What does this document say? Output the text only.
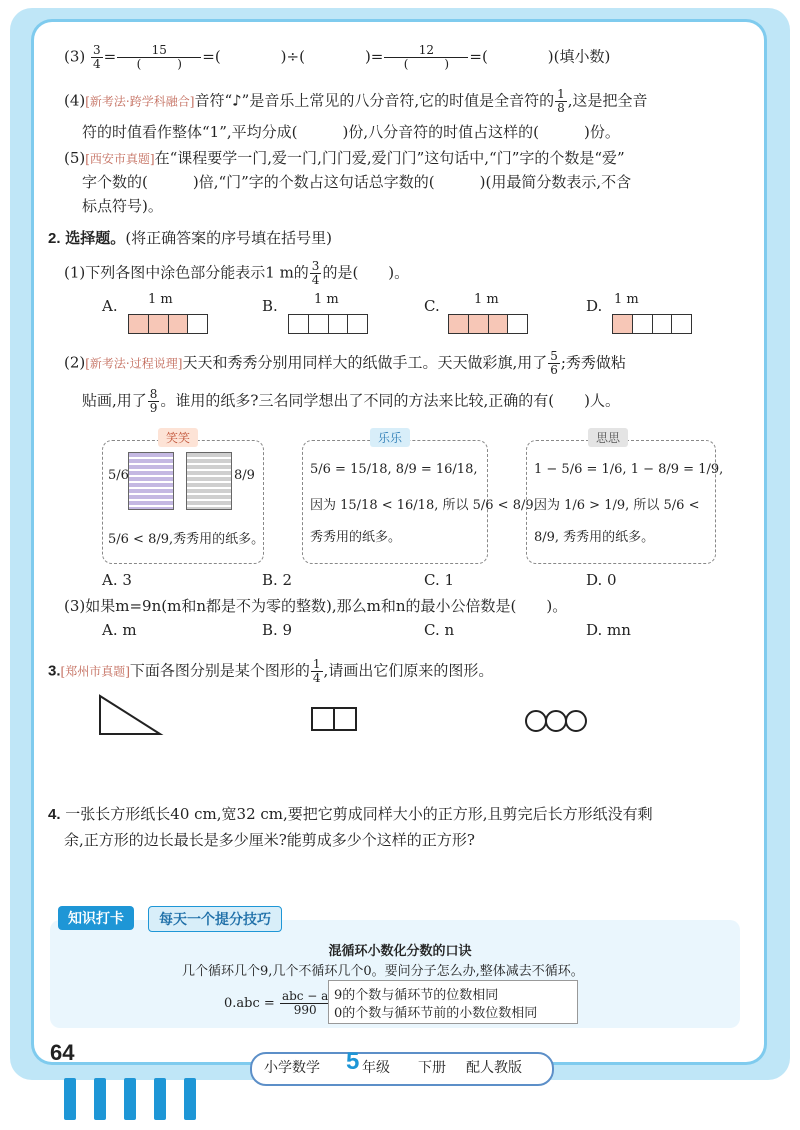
$(3) \frac{3}{4} = \frac{15}{( )}$ =(　　　　)÷(　　　　)= $\frac{12}{( )}$ =(　　　　)(填小数)
(4)[新考法·跨学科融合]音符“♪”是音乐上常见的八分音符,它的时值是全音符的 $\frac{1}{8}$ ,这是把全音
符的时值看作整体“1”,平均分成(　　　)份,八分音符的时值占这样的(　　　)份。
(5)[西安市真题]在“课程要学一门,爱一门,门门爱,爱门门”这句话中,“门”字的个数是“爱”
字个数的(　　　)倍,“门”字的个数占这句话总字数的(　　　)(用最简分数表示,不含
标点符号)。
2. 选择题。(将正确答案的序号填在括号里)
(1)下列各图中涂色部分能表示1 m的 $\frac{3}{4}$ 的是(　　)。
A. 1 m	B.	1 m	C.	1 m	D. 1 m
(2)[新考法·过程说理]天天和秀秀分别用同样大的纸做手工。天天做彩旗,用了 $\frac{5}{6}$ ;秀秀做粘
贴画,用了 $\frac{8}{9}$ 。谁用的纸多?三名同学想出了不同的方法来比较,正确的有(　　)人。
笑笑
5/6	8/9
5/6 < 8/9,秀秀用的纸多。
乐乐
5/6 = 15/18, 8/9 = 16/18,
因为 15/18 < 16/18, 所以 5/6 < 8/9,
秀秀用的纸多。
思思
1 − 5/6 = 1/6, 1 − 8/9 = 1/9,
因为 1/6 > 1/9, 所以 5/6 <
8/9, 秀秀用的纸多。
A. 3	B. 2	C. 1	D. 0
(3)如果m=9n(m和n都是不为零的整数),那么m和n的最小公倍数是(　　)。
A. m	B. 9	C. n	D. mn
3.[郑州市真题]下面各图分别是某个图形的 $\frac{1}{4}$ ,请画出它们原来的图形。
4. 一张长方形纸长40 cm,宽32 cm,要把它剪成同样大小的正方形,且剪完后长方形纸没有剩
余,正方形的边长最长是多少厘米?能剪成多少个这样的正方形?
知识打卡	每天一个提分技巧
混循环小数化分数的口诀
几个循环几个9,几个不循环几个0。要问分子怎么办,整体减去不循环。
$0.abc = \frac{\text{abc − a}}{990} 9$的个数与循环节的位数相同
0的个数与循环节前的小数位数相同
64
小学数学 5 年级 下册 配人教版
